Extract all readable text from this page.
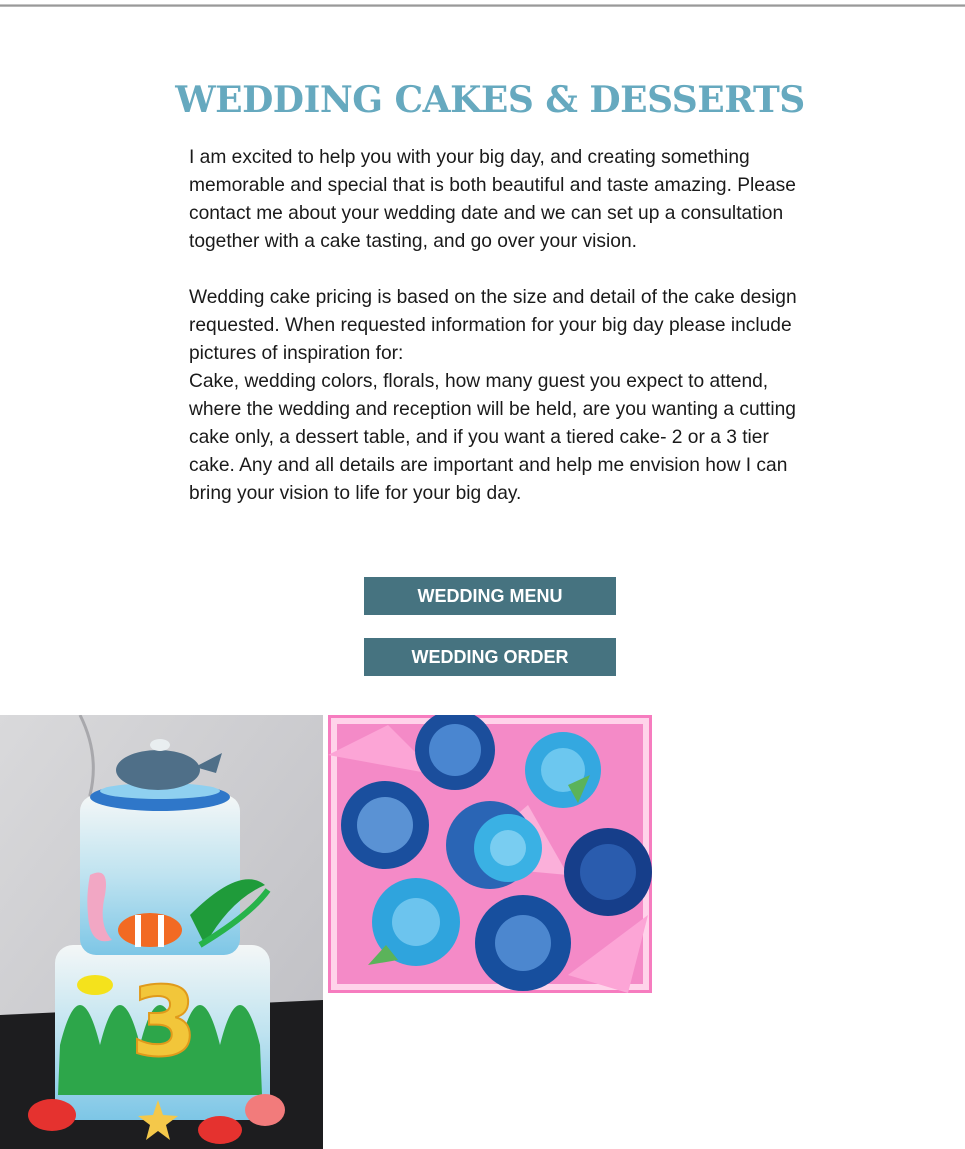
WEDDING CAKES & DESSERTS

I am excited to help you with your big day, and creating something memorable and special that is both beautiful and taste amazing. Please contact me about your wedding date and we can set up a consultation together with a cake tasting, and go over your vision.

Wedding cake pricing is based on the size and detail of the cake design requested. When requested information for your big day please include pictures of inspiration for:

Cake, wedding colors, florals, how many guest you expect to attend, where the wedding and reception will be held, are you wanting a cutting cake only, a dessert table, and if you want a tiered cake- 2 or a 3 tier cake. Any and all details are important and help me envision how I can bring your vision to life for your big day.

WEDDING MENU
WEDDING ORDER
3
